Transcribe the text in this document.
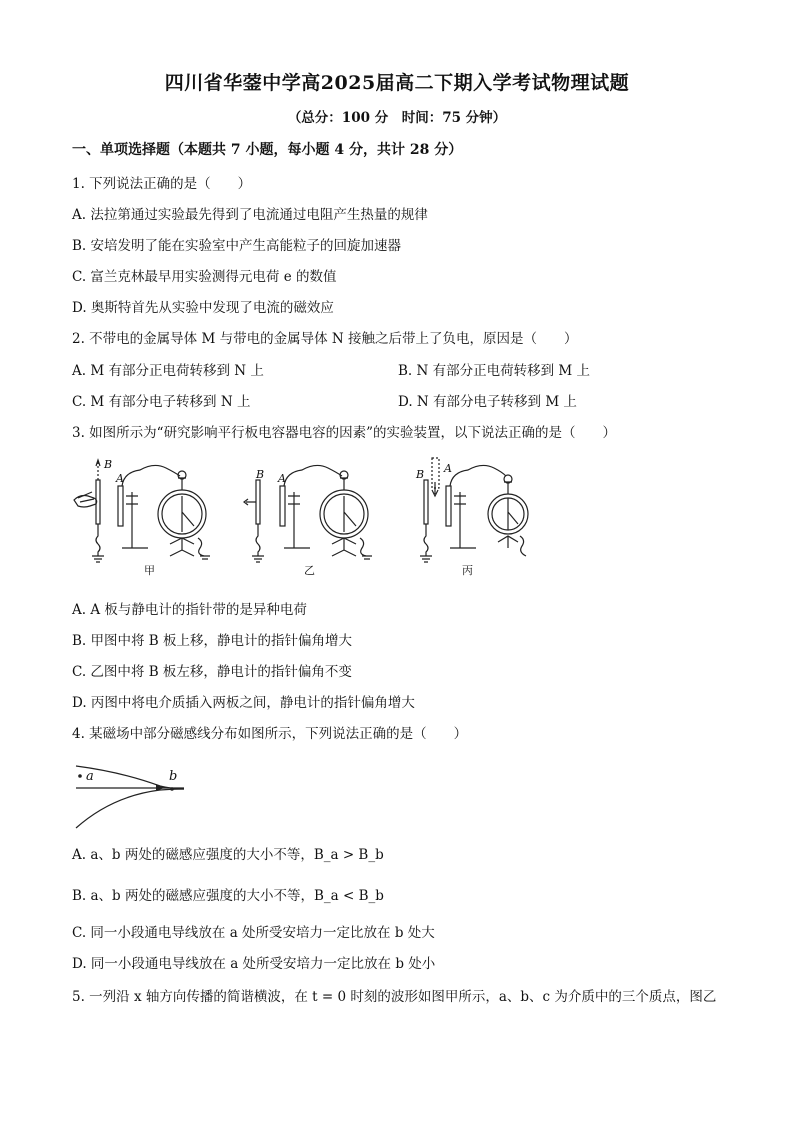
四川省华蓥中学高2025届高二下期入学考试物理试题
（总分：100 分　时间：75 分钟）
一、单项选择题（本题共 7 小题，每小题 4 分，共计 28 分）
1. 下列说法正确的是（　　）
A. 法拉第通过实验最先得到了电流通过电阻产生热量的规律
B. 安培发明了能在实验室中产生高能粒子的回旋加速器
C. 富兰克林最早用实验测得元电荷 e 的数值
D. 奥斯特首先从实验中发现了电流的磁效应
2. 不带电的金属导体 M 与带电的金属导体 N 接触之后带上了负电，原因是（　　）
A. M 有部分正电荷转移到 N 上	B. N 有部分正电荷转移到 M 上
C. M 有部分电子转移到 N 上	D. N 有部分电子转移到 M 上
3. 如图所示为“研究影响平行板电容器电容的因素”的实验装置，以下说法正确的是（　　）
B
A	B A	B A
甲	乙	丙
A. A 板与静电计的指针带的是异种电荷
B. 甲图中将 B 板上移，静电计的指针偏角增大
C. 乙图中将 B 板左移，静电计的指针偏角不变
D. 丙图中将电介质插入两板之间，静电计的指针偏角增大
4. 某磁场中部分磁感线分布如图所示，下列说法正确的是（　　）
a	b
A. a、b 两处的磁感应强度的大小不等，B_a > B_b
B. a、b 两处的磁感应强度的大小不等，B_a < B_b
C. 同一小段通电导线放在 a 处所受安培力一定比放在 b 处大
D. 同一小段通电导线放在 a 处所受安培力一定比放在 b 处小
5. 一列沿 x 轴方向传播的简谐横波，在 t = 0 时刻的波形如图甲所示，a、b、c 为介质中的三个质点，图乙
